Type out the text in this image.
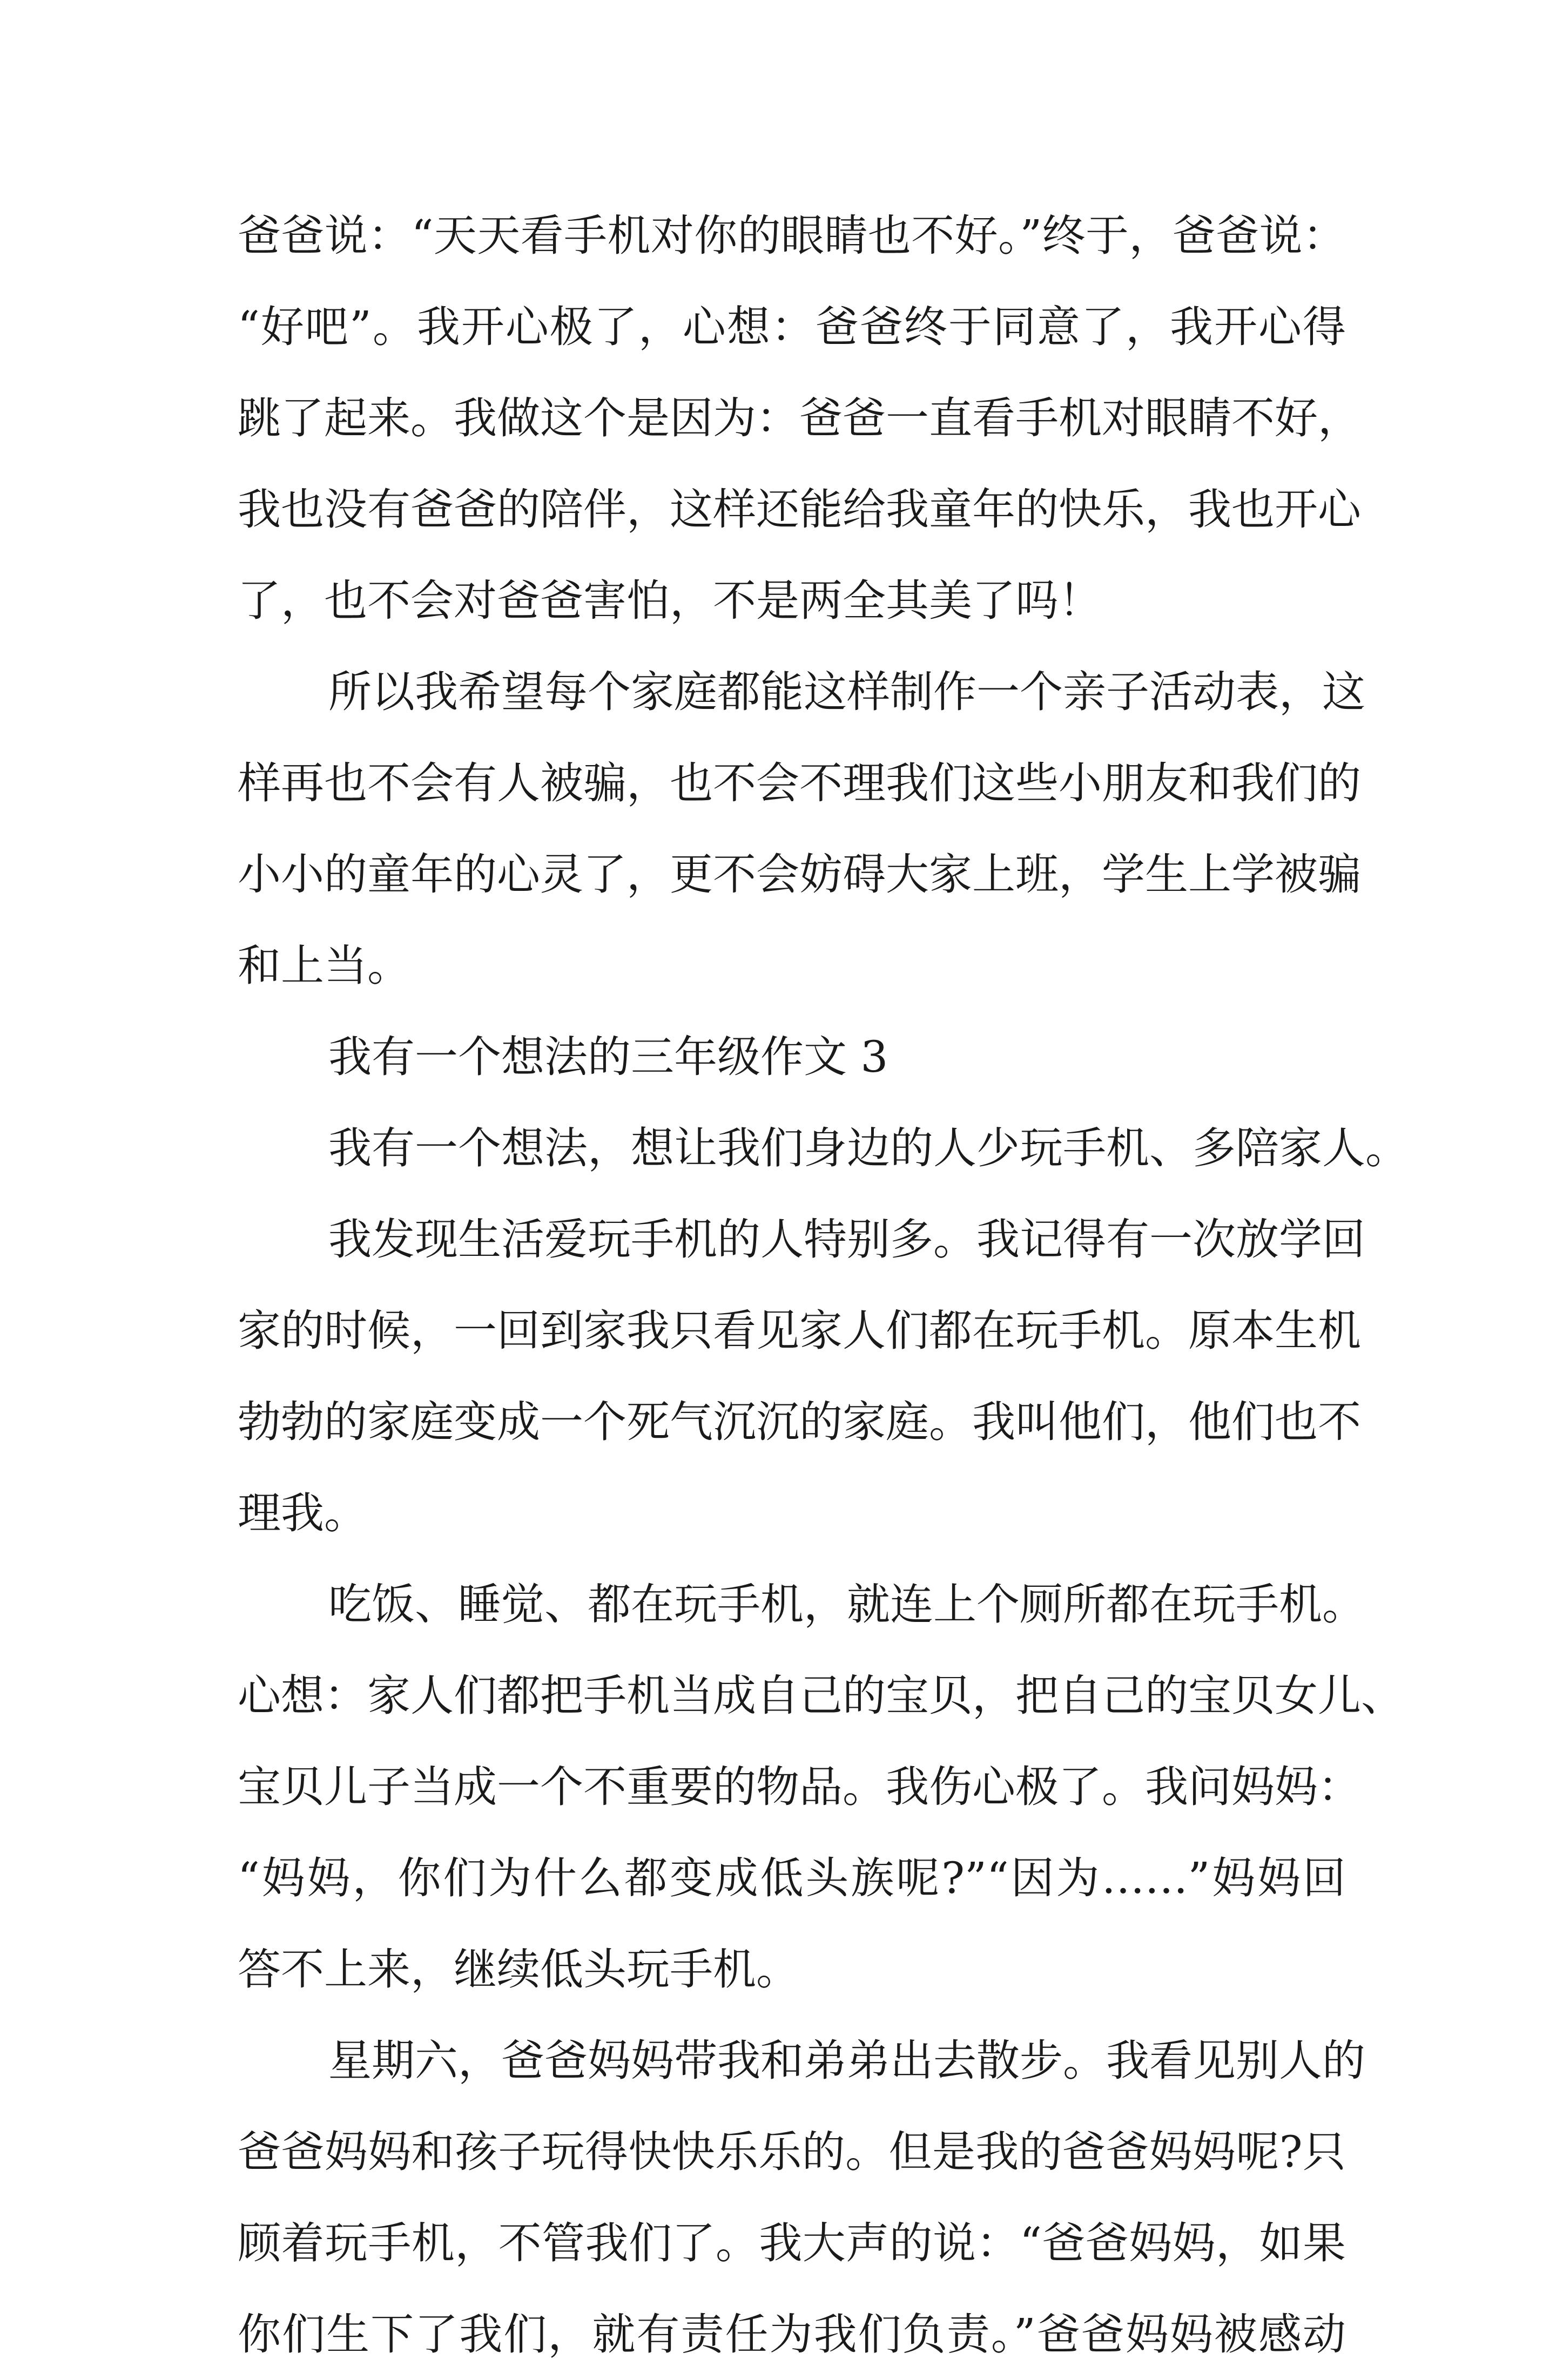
爸爸说：“天天看手机对你的眼睛也不好。”终于，爸爸说：
“好吧”。我开心极了，心想：爸爸终于同意了，我开心得
跳了起来。我做这个是因为：爸爸一直看手机对眼睛不好，
我也没有爸爸的陪伴，这样还能给我童年的快乐，我也开心
了，也不会对爸爸害怕，不是两全其美了吗！
所以我希望每个家庭都能这样制作一个亲子活动表，这
样再也不会有人被骗，也不会不理我们这些小朋友和我们的
小小的童年的心灵了，更不会妨碍大家上班，学生上学被骗
和上当。
我有一个想法的三年级作文 3
我有一个想法，想让我们身边的人少玩手机、多陪家人。
我发现生活爱玩手机的人特别多。我记得有一次放学回
家的时候，一回到家我只看见家人们都在玩手机。原本生机
勃勃的家庭变成一个死气沉沉的家庭。我叫他们，他们也不
理我。
吃饭、睡觉、都在玩手机，就连上个厕所都在玩手机。
心想：家人们都把手机当成自己的宝贝，把自己的宝贝女儿、
宝贝儿子当成一个不重要的物品。我伤心极了。我问妈妈：
“妈妈，你们为什么都变成低头族呢?”“因为……”妈妈回
答不上来，继续低头玩手机。
星期六，爸爸妈妈带我和弟弟出去散步。我看见别人的
爸爸妈妈和孩子玩得快快乐乐的。但是我的爸爸妈妈呢?只
顾着玩手机，不管我们了。我大声的说：“爸爸妈妈，如果
你们生下了我们，就有责任为我们负责。”爸爸妈妈被感动
